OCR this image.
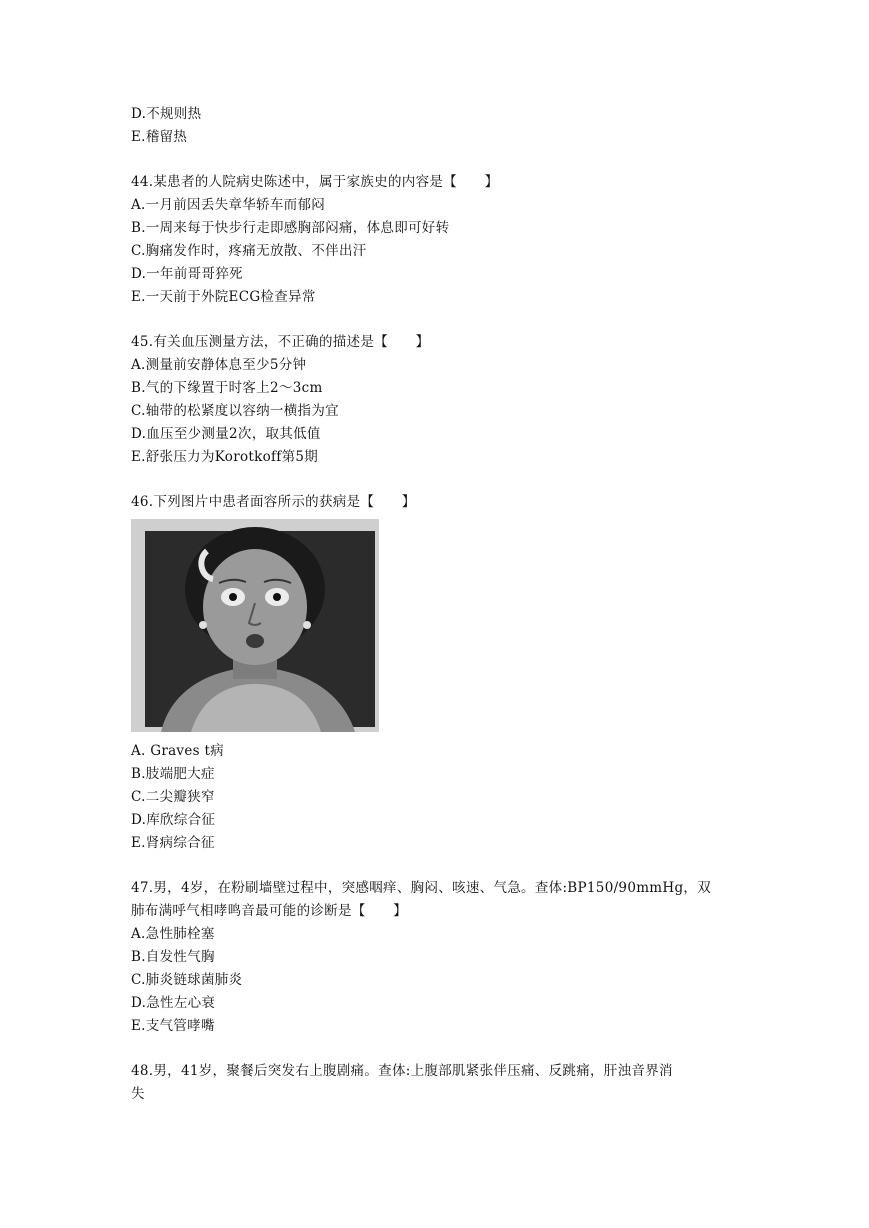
D.不规则热
E.稽留热
44.某患者的人院病史陈述中，属于家族史的内容是【　　】
A.一月前因丢失章华轿车而郁闷
B.一周来每于快步行走即感胸部闷痛，体息即可好转
C.胸痛发作时，疼痛无放散、不伴出汗
D.一年前哥哥猝死
E.一天前于外院ECG检查异常
45.有关血压测量方法，不正确的描述是【　　】
A.测量前安静体息至少5分钟
B.气的下缘置于时客上2～3cm
C.轴带的松紧度以容纳一横指为宜
D.血压至少测量2次，取其低值
E.舒张压力为Korotkoff第5期
46.下列图片中患者面容所示的获病是【　　】
A. Graves t病
B.肢端肥大症
C.二尖瓣狭窄
D.库欣综合征
E.肾病综合征
47.男，4岁，在粉刷墙壁过程中，突感咽痒、胸闷、咳速、气急。查体:BP150/90mmHg，双
肺布满呼气相哮鸣音最可能的诊断是【　　】
A.急性肺栓塞
B.自发性气胸
C.肺炎链球菌肺炎
D.急性左心衰
E.支气管哮嘴
48.男，41岁，聚餐后突发右上腹剧痛。查体:上腹部肌紧张伴压痛、反跳痛，肝浊音界消
失
